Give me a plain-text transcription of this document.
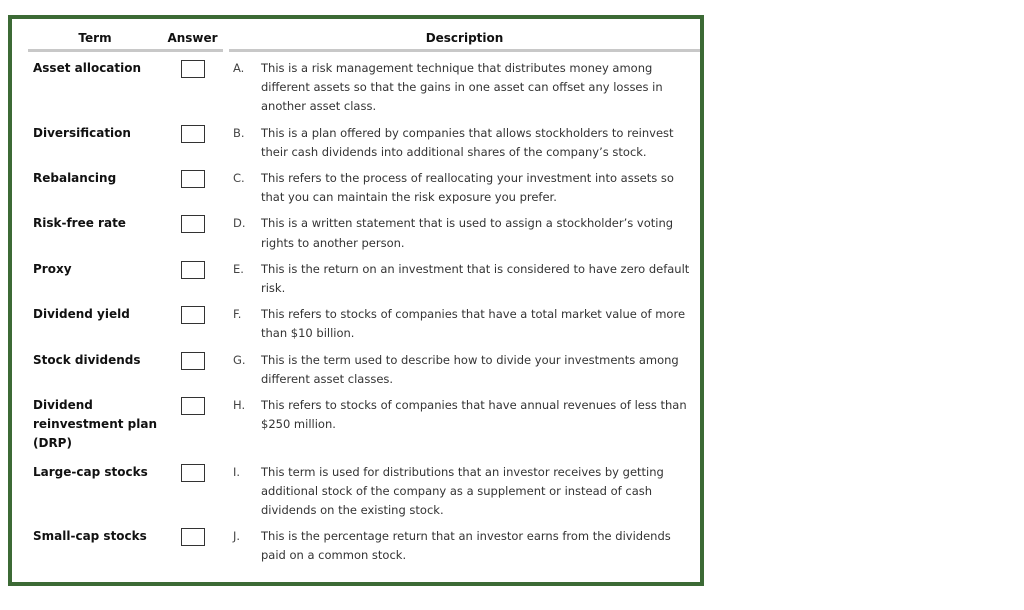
Term	Answer		Description	

Asset allocation			A.	This is a risk management technique that distributes money among different assets so that the gains in one asset can offset any losses in another asset class.
Diversification			B.	This is a plan offered by companies that allows stockholders to reinvest their cash dividends into additional shares of the company’s stock.
Rebalancing			C.	This refers to the process of reallocating your investment into assets so that you can maintain the risk exposure you prefer.
Risk-free rate			D.	This is a written statement that is used to assign a stockholder’s voting rights to another person.
Proxy			E.	This is the return on an investment that is considered to have zero default risk.
Dividend yield			F.	This refers to stocks of companies that have a total market value of more than $10 billion.
Stock dividends			G.	This is the term used to describe how to divide your investments among different asset classes.
Dividend reinvestment plan (DRP)			H.	This refers to stocks of companies that have annual revenues of less than $250 million.
Large-cap stocks			I.	This term is used for distributions that an investor receives by getting additional stock of the company as a supplement or instead of cash dividends on the existing stock.
Small-cap stocks			J.	This is the percentage return that an investor earns from the dividends paid on a common stock.
